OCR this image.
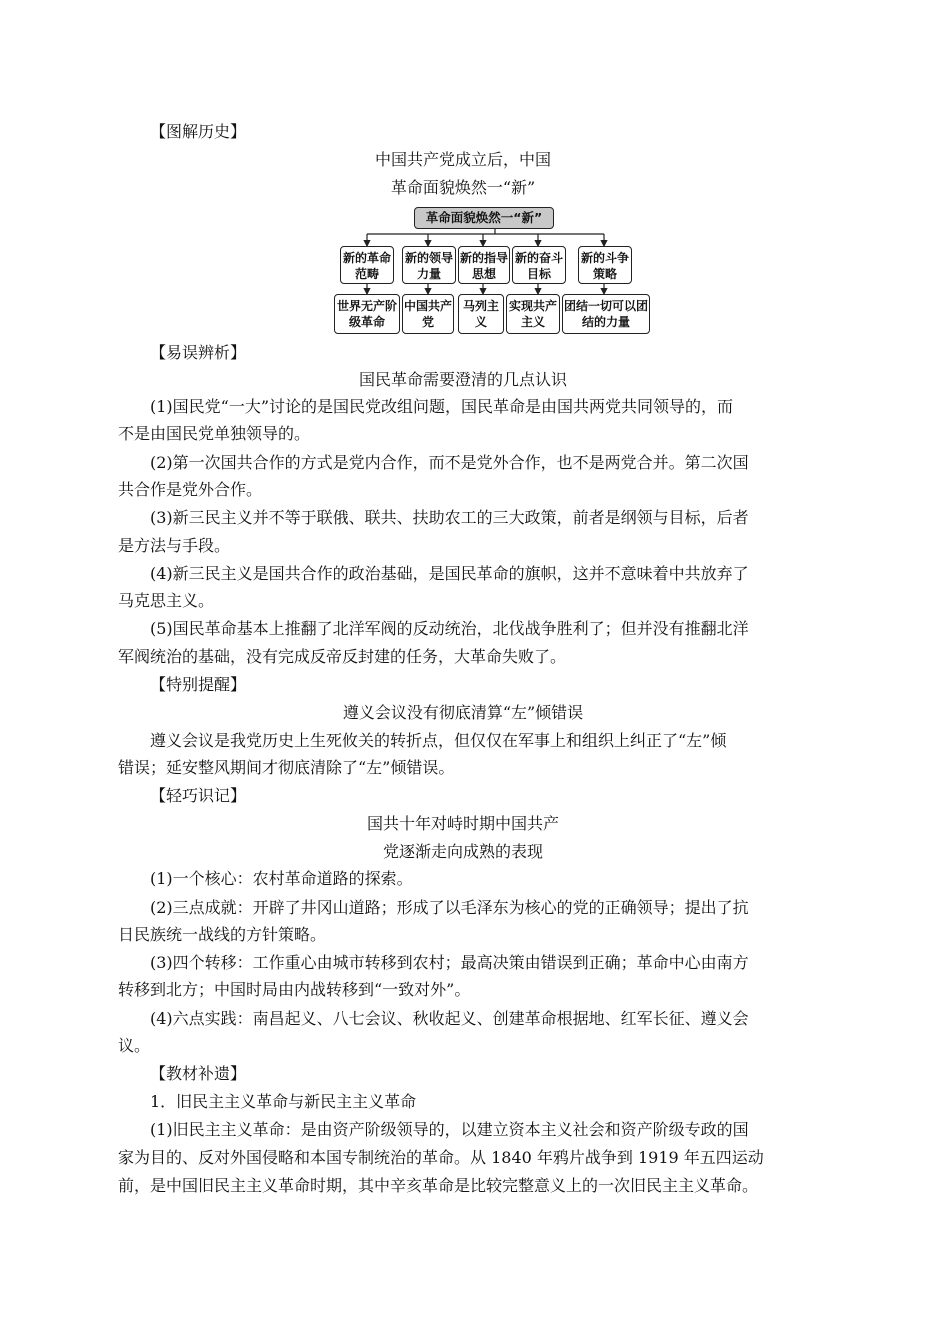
【图解历史】
中国共产党成立后，中国
革命面貌焕然一“新”
革命面貌焕然一“新”
新的革命范畴
新的领导力量
新的指导思想
新的奋斗目标
新的斗争策略
世界无产阶级革命
中国共产党
马列主义
实现共产主义
团结一切可以团结的力量
【易误辨析】
国民革命需要澄清的几点认识
(1)国民党“一大”讨论的是国民党改组问题，国民革命是由国共两党共同领导的，而
不是由国民党单独领导的。
(2)第一次国共合作的方式是党内合作，而不是党外合作，也不是两党合并。第二次国
共合作是党外合作。
(3)新三民主义并不等于联俄、联共、扶助农工的三大政策，前者是纲领与目标，后者
是方法与手段。
(4)新三民主义是国共合作的政治基础，是国民革命的旗帜，这并不意味着中共放弃了
马克思主义。
(5)国民革命基本上推翻了北洋军阀的反动统治，北伐战争胜利了；但并没有推翻北洋
军阀统治的基础，没有完成反帝反封建的任务，大革命失败了。
【特别提醒】
遵义会议没有彻底清算“左”倾错误
遵义会议是我党历史上生死攸关的转折点，但仅仅在军事上和组织上纠正了“左”倾
错误；延安整风期间才彻底清除了“左”倾错误。
【轻巧识记】
国共十年对峙时期中国共产
党逐渐走向成熟的表现
(1)一个核心：农村革命道路的探索。
(2)三点成就：开辟了井冈山道路；形成了以毛泽东为核心的党的正确领导；提出了抗
日民族统一战线的方针策略。
(3)四个转移：工作重心由城市转移到农村；最高决策由错误到正确；革命中心由南方
转移到北方；中国时局由内战转移到“一致对外”。
(4)六点实践：南昌起义、八七会议、秋收起义、创建革命根据地、红军长征、遵义会
议。
【教材补遗】
1．旧民主主义革命与新民主主义革命
(1)旧民主主义革命：是由资产阶级领导的，以建立资本主义社会和资产阶级专政的国
家为目的、反对外国侵略和本国专制统治的革命。从 1840 年鸦片战争到 1919 年五四运动
前，是中国旧民主主义革命时期，其中辛亥革命是比较完整意义上的一次旧民主主义革命。
